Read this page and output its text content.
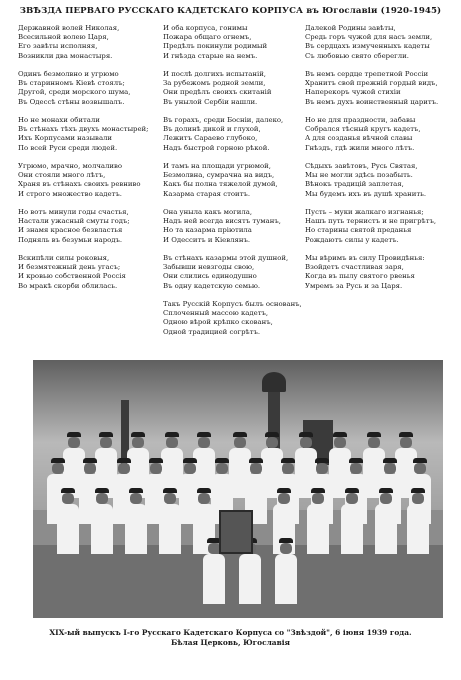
ЗВѢЗДА ПЕРВАГО РУССКАГО КАДЕТСКАГО КОРПУСА въ Югославіи (1920-1945)
Державной волей Николая,
Вcесильной волею Царя,
Его завѣты исполняя,
Возникли два монастыря.
Одинъ безмолвно и угрюмо
Въ старинномъ Кіевѣ стоялъ;
Другой, среди морского шума,
Въ Одессѣ стѣны возвышалъ.
Но не монахи обитали
Въ стѣнахъ тѣхъ двухъ монастырей;
Ихъ Корпусами называли
По всей Руси среди людей.
Угрюмо, мрачно, молчаливо
Они стояли много лѣтъ,
Храня въ стѣнахъ своихъ ревниво
И строго множество кадетъ.
Но вотъ минули годы счастья,
Настали ужасный смуты годъ;
И знамя красное безвластья
Подняль въ безумьи народъ.
Вскипѣли силы роковыя,
И безмятежный день угасъ;
И кровью собственной Россія
Во мракѣ скорби облилась.
И оба корпуса, гонимы
Пожара общаго огнемъ,
Предѣлъ покинули родимый
И гнѣзда старые на немъ.
И послѣ долгихъ испытаній,
За рубежомъ родной земли,
Они предѣлъ своихъ скитаній
Въ унылой Сербіи нашли.
Въ горахъ, среди Босніи, далеко,
Въ долинѣ дикой и глухой,
Лежитъ Сараево глубоко,
Надъ быстрой горною рѣкой.
И тамъ на площади угрюмой,
Безмолвна, сумрачна на видъ,
Какъ бы полна тяжелой думой,
Казарма старая стоитъ.
Она уныла какъ могила,
Надъ ней всегда висятъ туманъ,
Но та казарма пріютила
И Одесситъ и Кіевлянъ.
Въ стѣнахъ казармы этой душной,
Забывши невзгоды свою,
Они слились единодушно
Въ одну кадетскую семью.
Такъ Русскій Корпусъ былъ основанъ,
Сплоченный массою кадетъ,
Одною вѣрой крѣпко скованъ,
Одной традицией согрѣтъ.
Далекой Родины завѣты,
Средь горъ чужой для насъ земли,
Въ сердцахъ измученныхъ кадеты
Съ любовью свято сберегли.
Въ немъ сердце трепетной Россіи
Хранитъ свой прежній гордый видъ,
Наперекоръ чужой стихіи
Въ немъ духъ воинственный царитъ.
Но не для праздности, забавы
Собрался тѣсный кругъ кадетъ,
А для созданья вѣчной славы
Гнѣздъ, гдѣ жили много лѣтъ.
Сѣдыхъ завѣтовъ, Русь Святая,
Мы не могли здѣсь позабыть.
Вѣнокъ традицій заплетая,
Мы будемъ ихъ въ душѣ хранить.
Пусть – муки жалкаго изгнанья;
Нашъ путь тернистъ и не пригрѣтъ,
Но старины святой преданья
Рождаютъ силы у кадетъ.
Мы вѣримъ въ силу Провидѣнья:
Взойдетъ счастливая заря,
Когда въ пылу святого рвенья
Умремъ за Русь и за Царя.
XIX-ый выпускъ I-го Русскаго Кадетскаго Корпуса со "Звѣздой", 6 іюня 1939 года.
Бѣлая Церковь, Югославія
